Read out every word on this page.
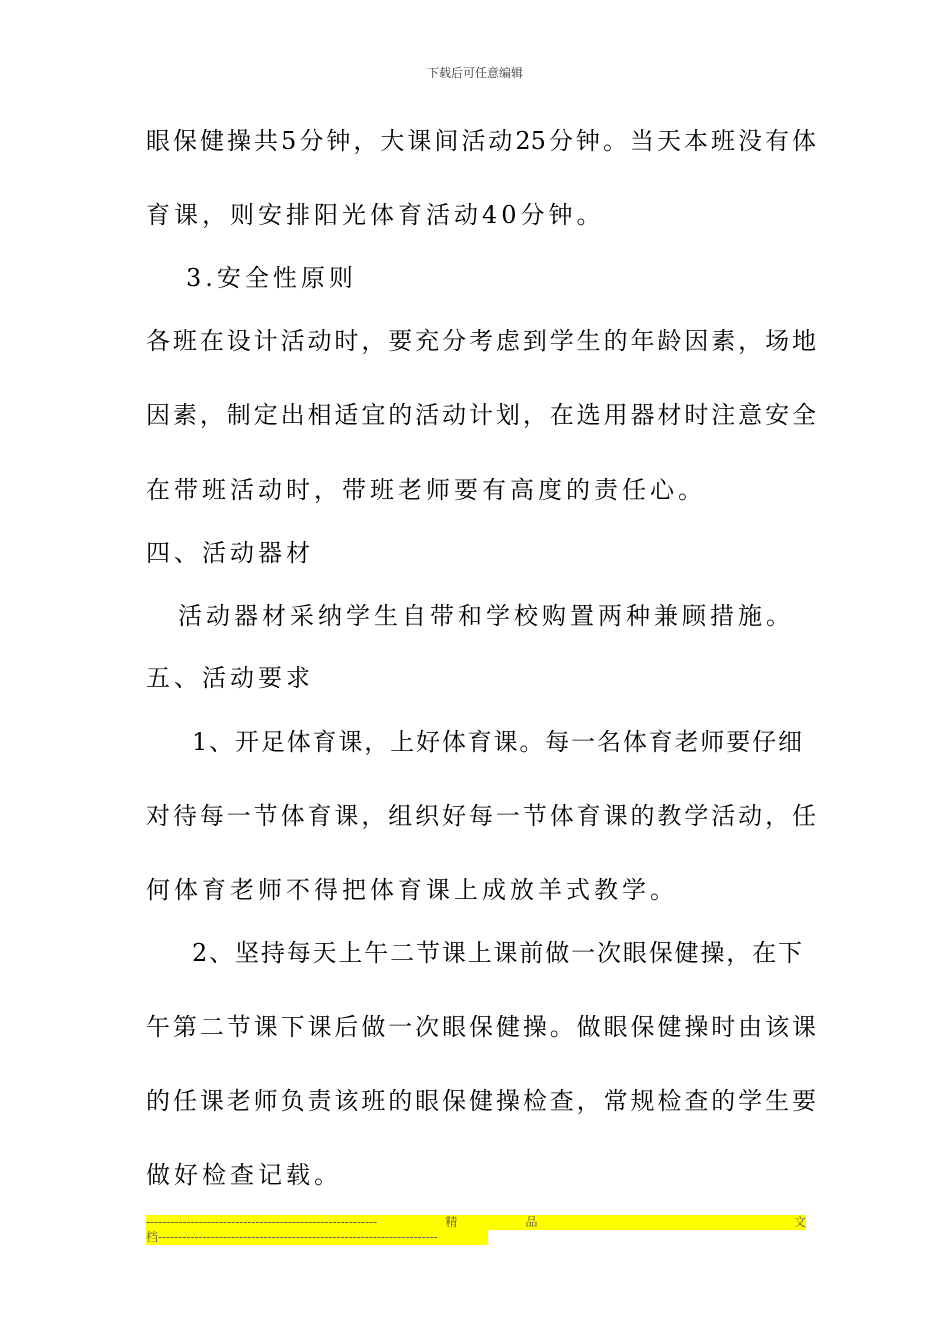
下载后可任意编辑
眼保健操共5分钟，大课间活动25分钟。当天本班没有体
育课，则安排阳光体育活动40分钟。
3.安全性原则
各班在设计活动时，要充分考虑到学生的年龄因素，场地
因素，制定出相适宜的活动计划，在选用器材时注意安全
在带班活动时，带班老师要有高度的责任心。
四、活动器材
活动器材采纳学生自带和学校购置两种兼顾措施。
五、活动要求
1、开足体育课，上好体育课。每一名体育老师要仔细
对待每一节体育课，组织好每一节体育课的教学活动，任
何体育老师不得把体育课上成放羊式教学。
2、坚持每天上午二节课上课前做一次眼保健操，在下
午第二节课下课后做一次眼保健操。做眼保健操时由该课
的任课老师负责该班的眼保健操检查，常规检查的学生要
做好检查记载。
---------------------------------------------------------	精	品	文
档---------------------------------------------------------------------
